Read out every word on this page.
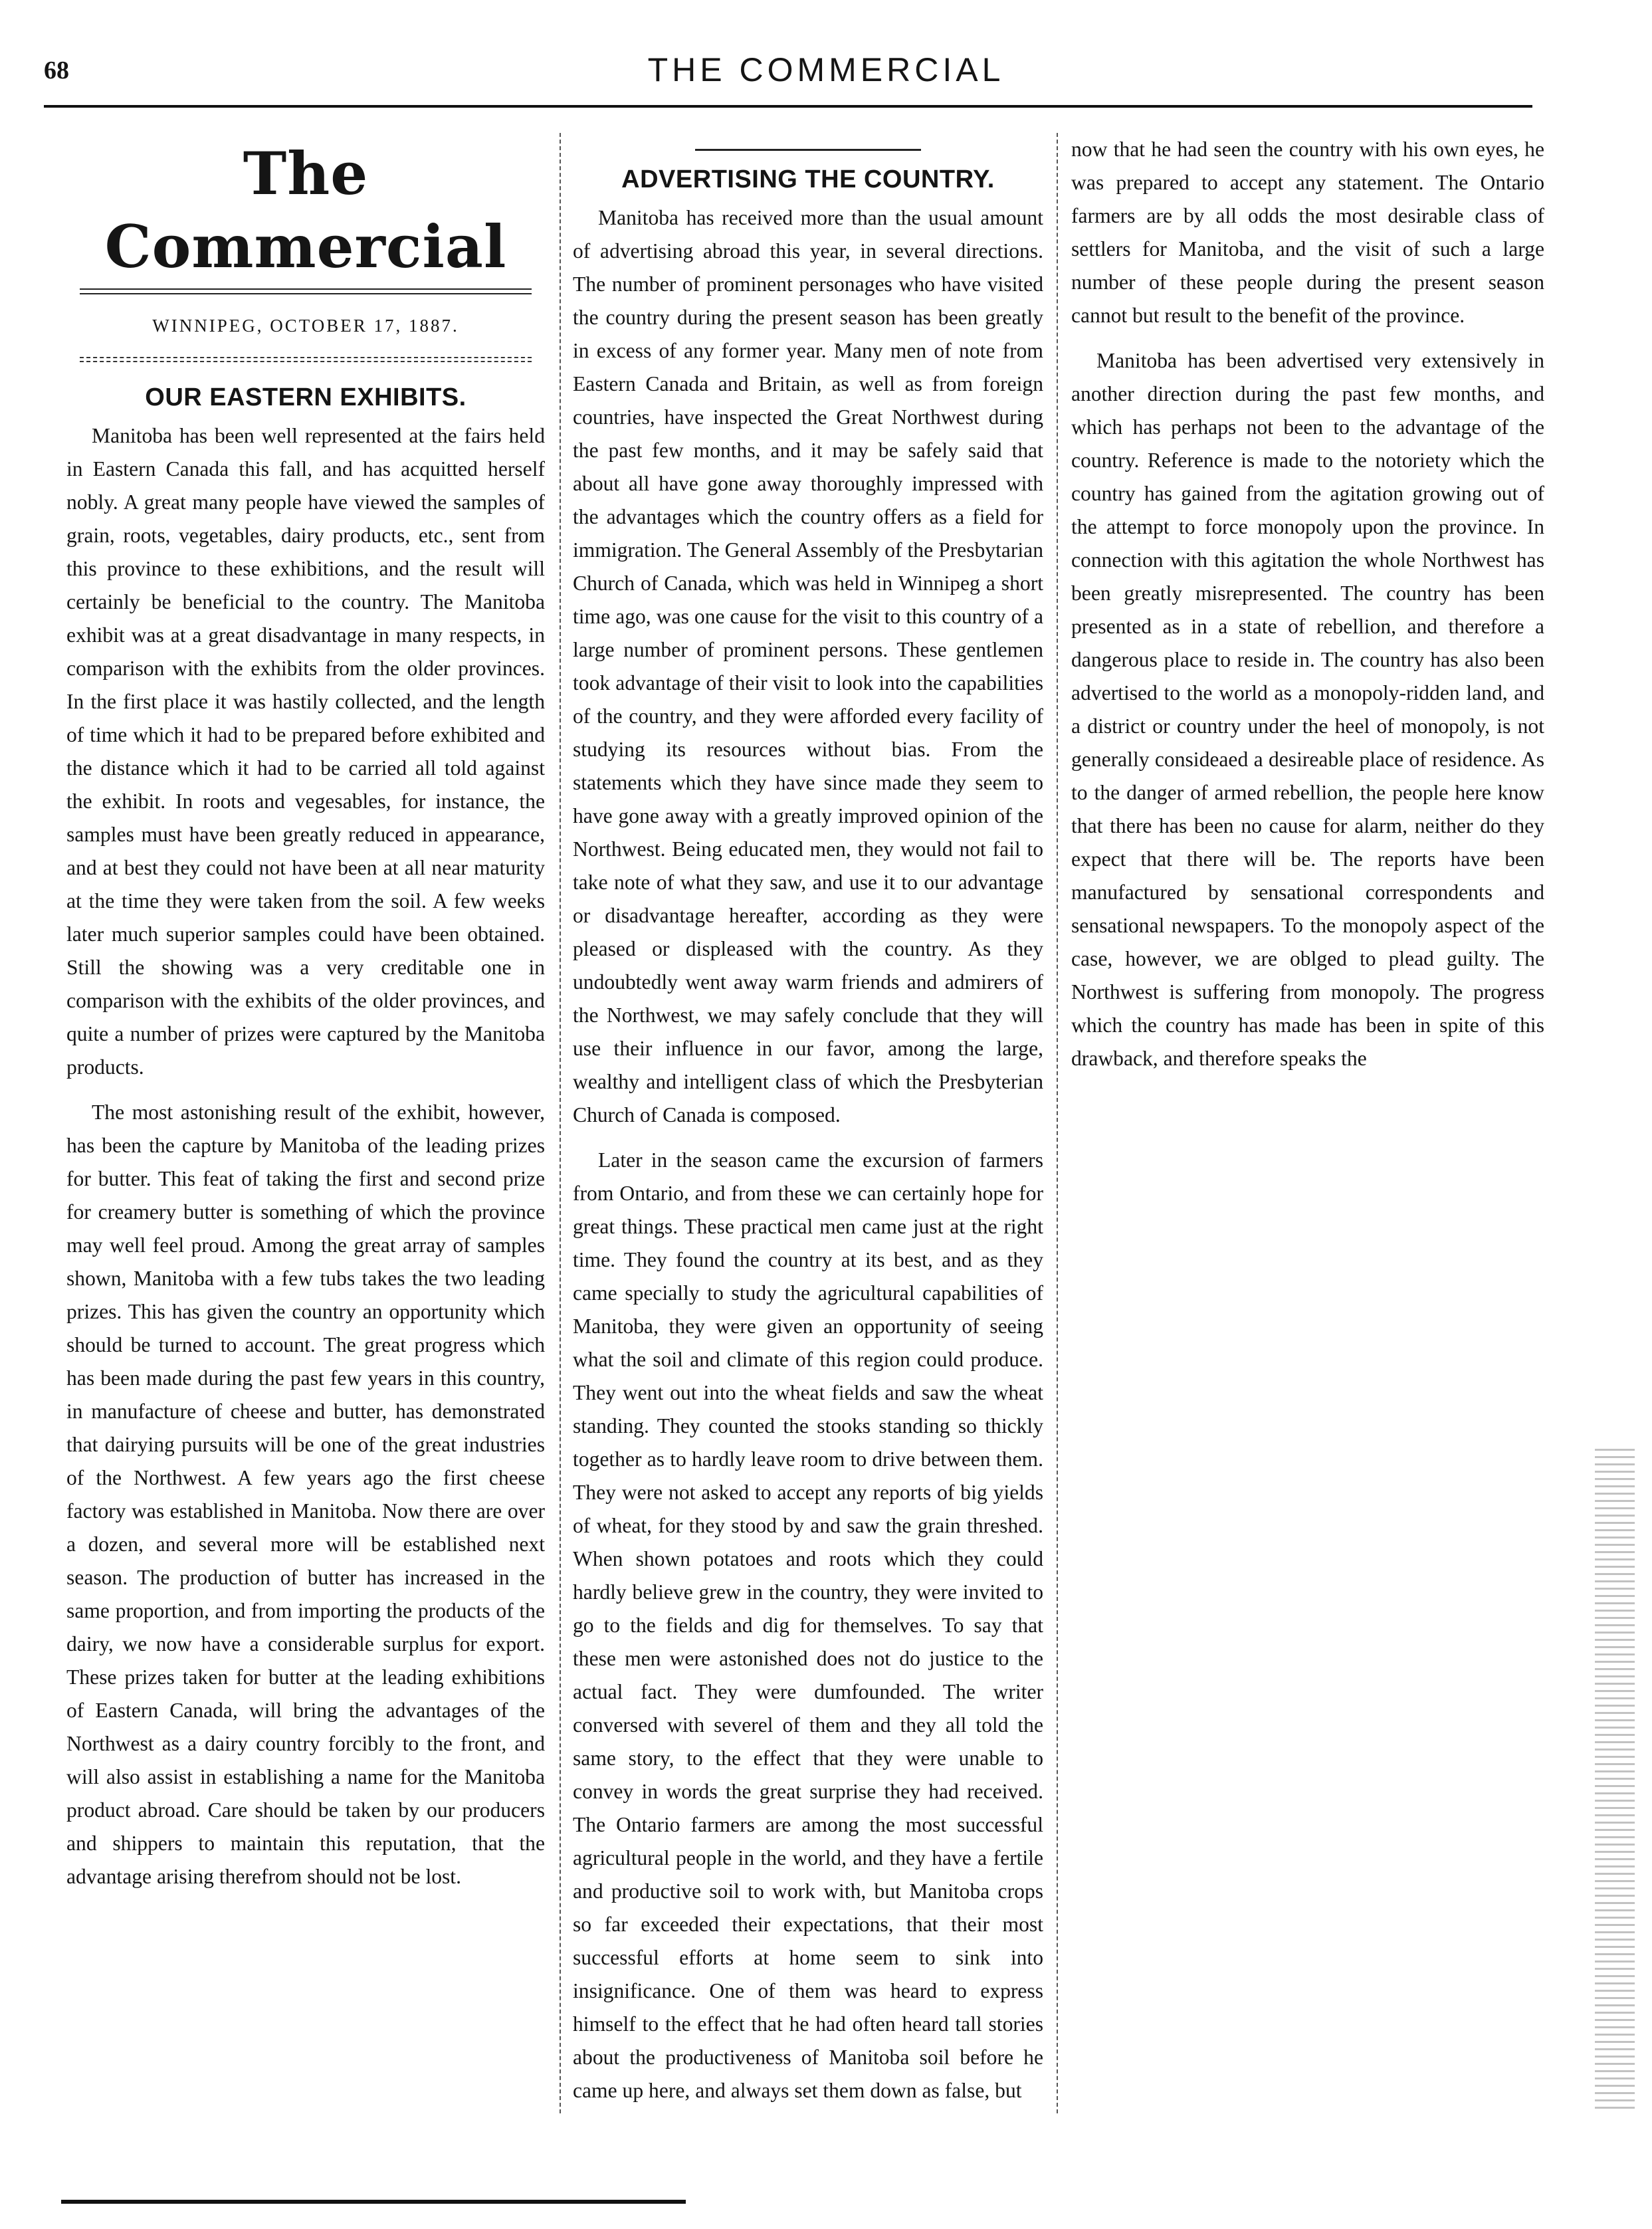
68	THE COMMERCIAL
The Commercial
WINNIPEG, OCTOBER 17, 1887.
OUR EASTERN EXHIBITS.

Manitoba has been well represented at the fairs held in Eastern Canada this fall, and has acquitted herself nobly. A great many people have viewed the samples of grain, roots, vegetables, dairy products, etc., sent from this province to these exhibitions, and the result will certainly be beneficial to the country. The Manitoba exhibit was at a great disadvantage in many respects, in comparison with the exhibits from the older provinces. In the first place it was hastily collected, and the length of time which it had to be prepared before exhibited and the distance which it had to be carried all told against the exhibit. In roots and vegesables, for instance, the samples must have been greatly reduced in appearance, and at best they could not have been at all near maturity at the time they were taken from the soil. A few weeks later much superior samples could have been obtained. Still the showing was a very creditable one in comparison with the exhibits of the older provinces, and quite a number of prizes were captured by the Manitoba products.

The most astonishing result of the exhibit, however, has been the capture by Manitoba of the leading prizes for butter. This feat of taking the first and second prize for creamery butter is something of which the province may well feel proud. Among the great array of samples shown, Manitoba with a few tubs takes the two leading prizes. This has given the country an opportunity which should be turned to account. The great progress which has been made during the past few years in this country, in manufacture of cheese and butter, has demonstrated that dairying pursuits will be one of the great industries of the Northwest. A few years ago the first cheese factory was established in Manitoba. Now there are over a dozen, and several more will be established next season. The production of butter has increased in the same proportion, and from importing the products of the dairy, we now have a considerable surplus for export. These prizes taken for butter at the leading exhibitions of Eastern Canada, will bring the advantages of the Northwest as a dairy country forcibly to the front, and will also assist in establishing a name for the Manitoba product abroad. Care should be taken by our producers and shippers to maintain this reputation, that the advantage arising therefrom should not be lost.

ADVERTISING THE COUNTRY.

Manitoba has received more than the usual amount of advertising abroad this year, in several directions. The number of prominent personages who have visited the country during the present season has been greatly in excess of any former year. Many men of note from Eastern Canada and Britain, as well as from foreign countries, have inspected the Great Northwest during the past few months, and it may be safely said that about all have gone away thoroughly impressed with the advantages which the country offers as a field for immigration. The General Assembly of the Presbytarian Church of Canada, which was held in Winnipeg a short time ago, was one cause for the visit to this country of a large number of prominent persons. These gentlemen took advantage of their visit to look into the capabilities of the country, and they were afforded every facility of studying its resources without bias. From the statements which they have since made they seem to have gone away with a greatly improved opinion of the Northwest. Being educated men, they would not fail to take note of what they saw, and use it to our advantage or disadvantage hereafter, according as they were pleased or displeased with the country. As they undoubtedly went away warm friends and admirers of the Northwest, we may safely conclude that they will use their influence in our favor, among the large, wealthy and intelligent class of which the Presbyterian Church of Canada is composed.

Later in the season came the excursion of farmers from Ontario, and from these we can certainly hope for great things. These practical men came just at the right time. They found the country at its best, and as they came specially to study the agricultural capabilities of Manitoba, they were given an opportunity of seeing what the soil and climate of this region could produce. They went out into the wheat fields and saw the wheat standing. They counted the stooks standing so thickly together as to hardly leave room to drive between them. They were not asked to accept any reports of big yields of wheat, for they stood by and saw the grain threshed. When shown potatoes and roots which they could hardly believe grew in the country, they were invited to go to the fields and dig for themselves. To say that these men were astonished does not do justice to the actual fact. They were dumfounded. The writer conversed with severel of them and they all told the same story, to the effect that they were unable to convey in words the great surprise they had received. The Ontario farmers are among the most successful agricultural people in the world, and they have a fertile and productive soil to work with, but Manitoba crops so far exceeded their expectations, that their most successful efforts at home seem to sink into insignificance. One of them was heard to express himself to the effect that he had often heard tall stories about the productiveness of Manitoba soil before he came up here, and always set them down as false, but

now that he had seen the country with his own eyes, he was prepared to accept any statement. The Ontario farmers are by all odds the most desirable class of settlers for Manitoba, and the visit of such a large number of these people during the present season cannot but result to the benefit of the province.

Manitoba has been advertised very extensively in another direction during the past few months, and which has perhaps not been to the advantage of the country. Reference is made to the notoriety which the country has gained from the agitation growing out of the attempt to force monopoly upon the province. In connection with this agitation the whole Northwest has been greatly misrepresented. The country has been presented as in a state of rebellion, and therefore a dangerous place to reside in. The country has also been advertised to the world as a monopoly-ridden land, and a district or country under the heel of monopoly, is not generally consideaed a desireable place of residence. As to the danger of armed rebellion, the people here know that there has been no cause for alarm, neither do they expect that there will be. The reports have been manufactured by sensational correspondents and sensational newspapers. To the monopoly aspect of the case, however, we are oblged to plead guilty. The Northwest is suffering from monopoly. The progress which the country has made has been in spite of this drawback, and therefore speaks the
